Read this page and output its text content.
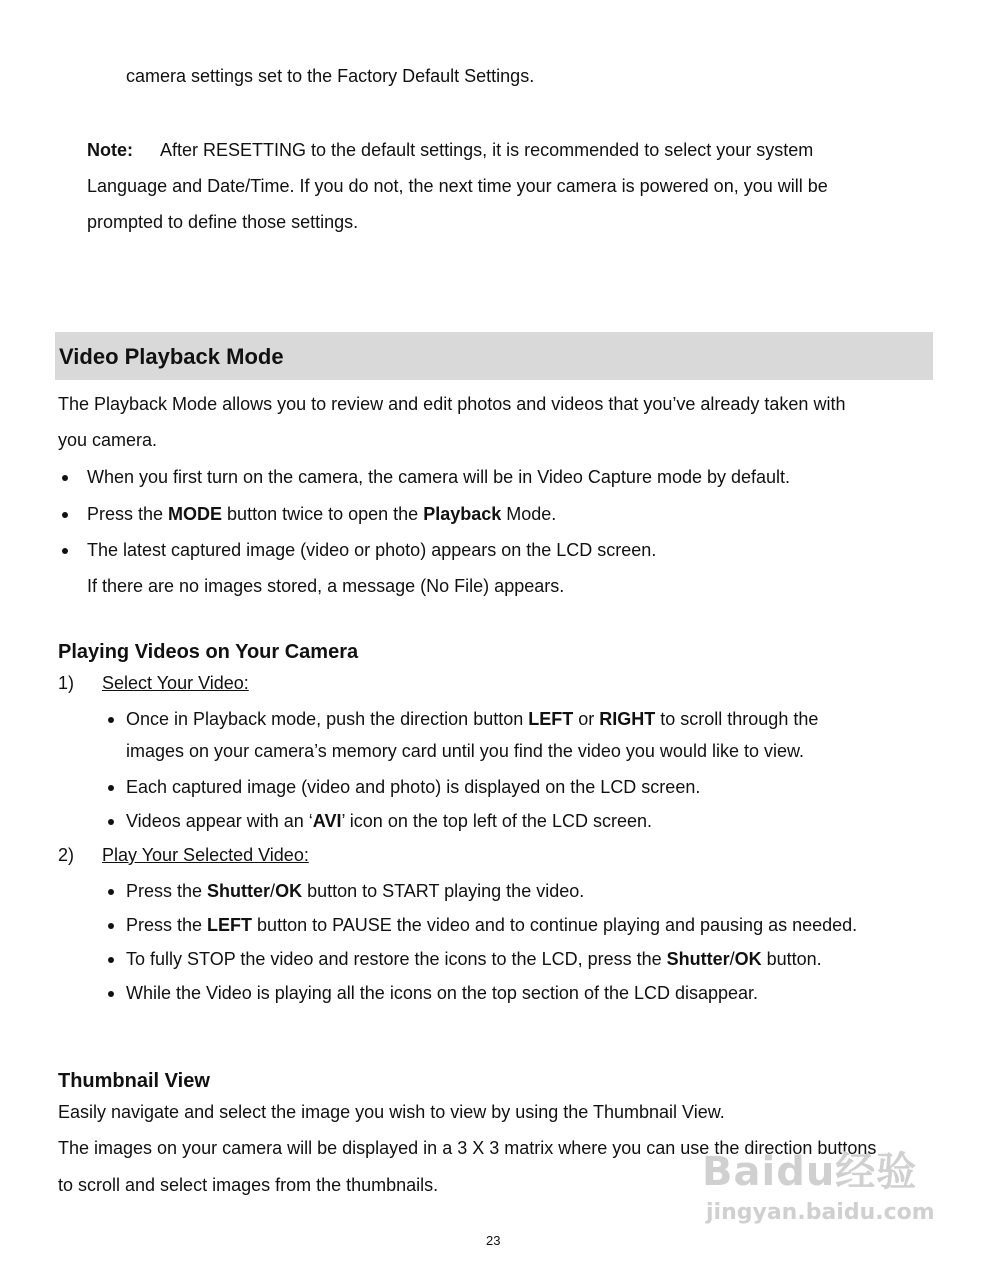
camera settings set to the Factory Default Settings.
Note: After RESETTING to the default settings, it is recommended to select your system
Language and Date/Time. If you do not, the next time your camera is powered on, you will be
prompted to define those settings.
Video Playback Mode
The Playback Mode allows you to review and edit photos and videos that you’ve already taken with
you camera.
When you first turn on the camera, the camera will be in Video Capture mode by default.
Press the MODE button twice to open the Playback Mode.
The latest captured image (video or photo) appears on the LCD screen.
If there are no images stored, a message (No File) appears.
Playing Videos on Your Camera
1) Select Your Video:
Once in Playback mode, push the direction button LEFT or RIGHT to scroll through the
images on your camera’s memory card until you find the video you would like to view.
Each captured image (video and photo) is displayed on the LCD screen.
Videos appear with an ‘AVI’ icon on the top left of the LCD screen.
2) Play Your Selected Video:
Press the Shutter/OK button to START playing the video.
Press the LEFT button to PAUSE the video and to continue playing and pausing as needed.
To fully STOP the video and restore the icons to the LCD, press the Shutter/OK button.
While the Video is playing all the icons on the top section of the LCD disappear.
Thumbnail View
Easily navigate and select the image you wish to view by using the Thumbnail View.
The images on your camera will be displayed in a 3 X 3 matrix where you can use the direction buttons
to scroll and select images from the thumbnails.	Baidu经验
jingyan.baidu.com
23
